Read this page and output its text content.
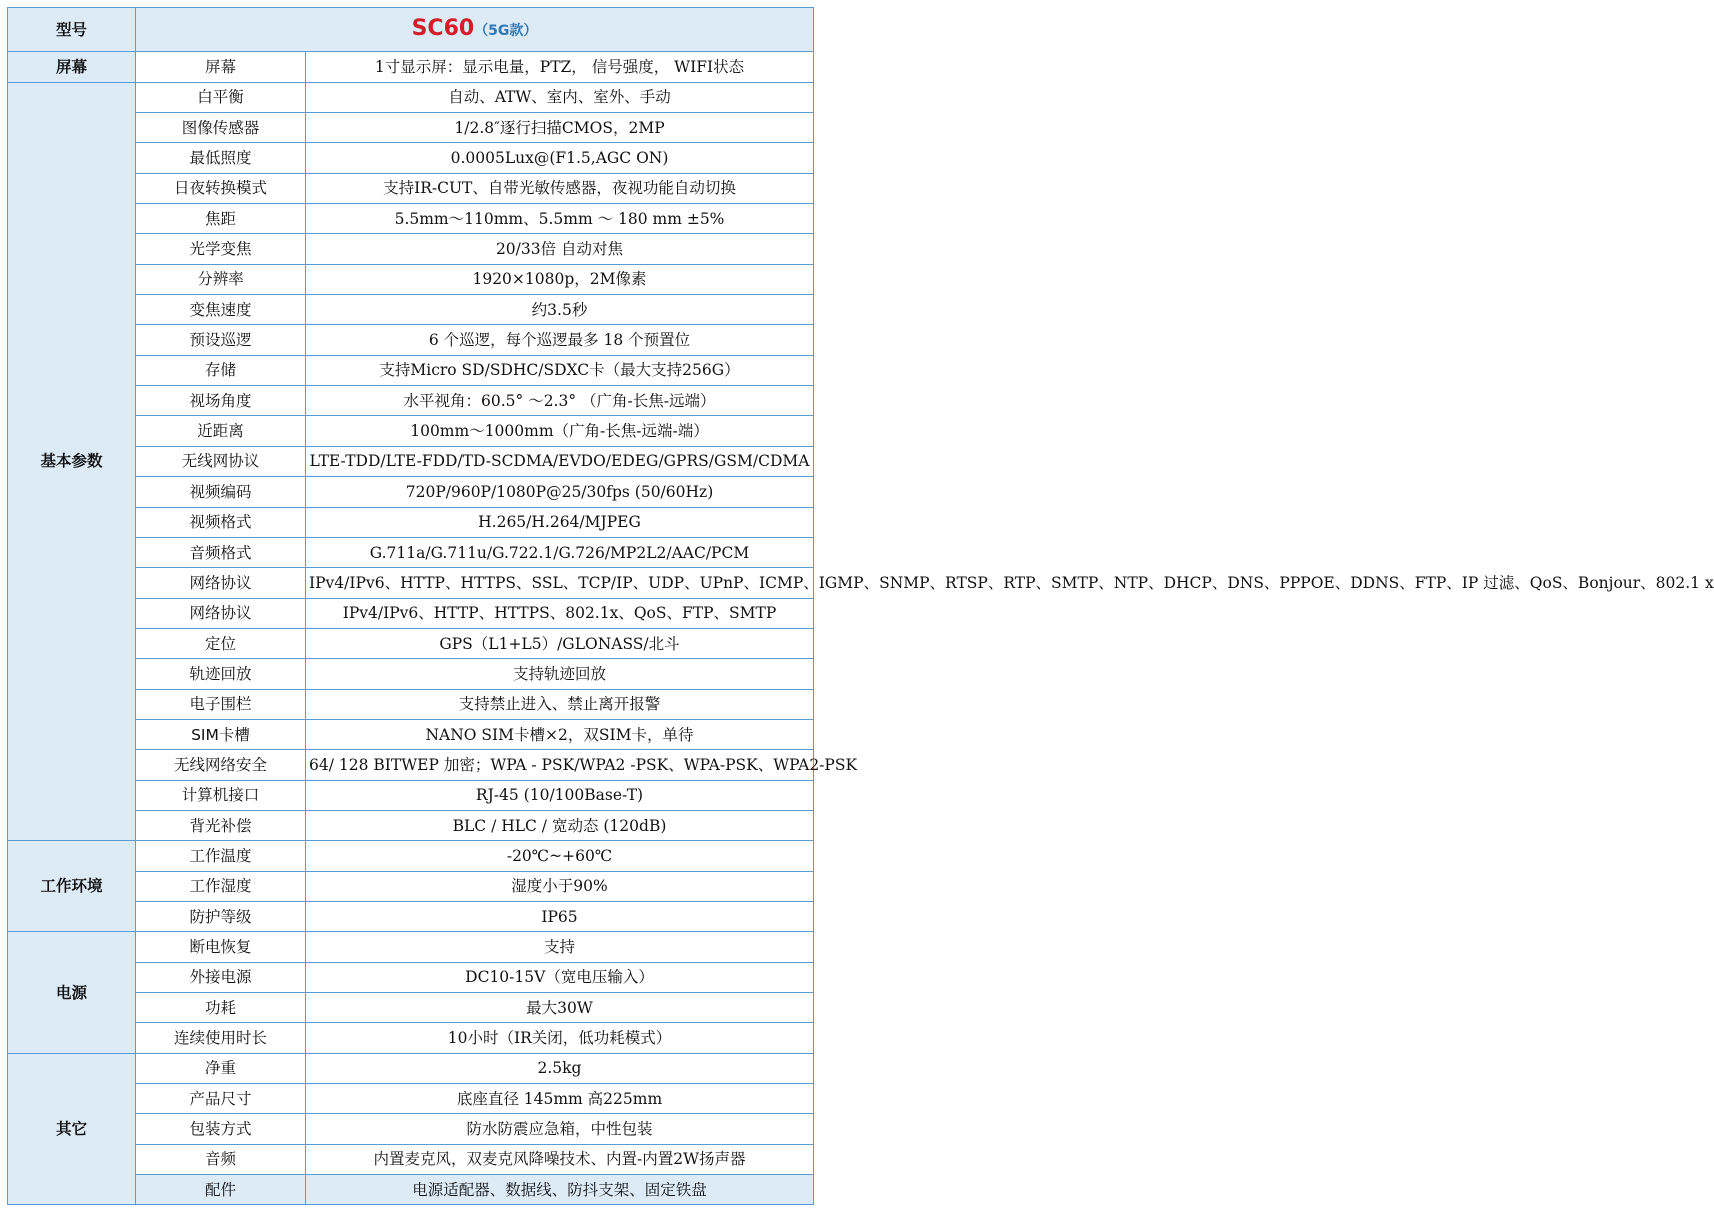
型号	SC60（5G款）	
屏幕	屏幕	1寸显示屏：显示电量，PTZ， 信号强度， WIFI状态
基本参数	白平衡	自动、ATW、室内、室外、手动
	图像传感器	1/2.8″逐行扫描CMOS，2MP
	最低照度	0.0005Lux@(F1.5,AGC ON)
	日夜转换模式	支持IR-CUT、自带光敏传感器，夜视功能自动切换
	焦距	5.5mm～110mm、5.5mm ～ 180 mm ±5%
	光学变焦	20/33倍 自动对焦
	分辨率	1920×1080p，2M像素
	变焦速度	约3.5秒
	预设巡逻	6 个巡逻，每个巡逻最多 18 个预置位
	存储	支持Micro SD/SDHC/SDXC卡（最大支持256G）
	视场角度	水平视角：60.5° ～2.3° （广角-长焦-远端）
	近距离	100mm～1000mm（广角-长焦-远端-端）
	无线网协议	LTE-TDD/LTE-FDD/TD-SCDMA/EVDO/EDEG/GPRS/GSM/CDMA
	视频编码	720P/960P/1080P@25/30fps (50/60Hz)
	视频格式	H.265/H.264/MJPEG
	音频格式	G.711a/G.711u/G.722.1/G.726/MP2L2/AAC/PCM
	网络协议	IPv4/IPv6、HTTP、HTTPS、SSL、TCP/IP、UDP、UPnP、ICMP、IGMP、SNMP、RTSP、RTP、SMTP、NTP、DHCP、DNS、PPPOE、DDNS、FTP、IP 过滤、QoS、Bonjour、802.1 x
	网络协议	IPv4/IPv6、HTTP、HTTPS、802.1x、QoS、FTP、SMTP
	定位	GPS（L1+L5）/GLONASS/北斗
	轨迹回放	支持轨迹回放
	电子围栏	支持禁止进入、禁止离开报警
	SIM卡槽	NANO SIM卡槽×2，双SIM卡，单待
	无线网络安全	64/ 128 BITWEP 加密；WPA - PSK/WPA2 -PSK、WPA-PSK、WPA2-PSK
	计算机接口	RJ-45 (10/100Base-T)
	背光补偿	BLC / HLC / 宽动态 (120dB)
工作环境	工作温度	-20℃~+60℃
	工作湿度	湿度小于90%
	防护等级	IP65
电源	断电恢复	支持
	外接电源	DC10-15V（宽电压输入）
	功耗	最大30W
	连续使用时长	10小时（IR关闭，低功耗模式）
其它	净重	2.5kg
	产品尺寸	底座直径 145mm 高225mm
	包装方式	防水防震应急箱，中性包装
	音频	内置麦克风，双麦克风降噪技术、内置-内置2W扬声器
	配件	电源适配器、数据线、防抖支架、固定铁盘
